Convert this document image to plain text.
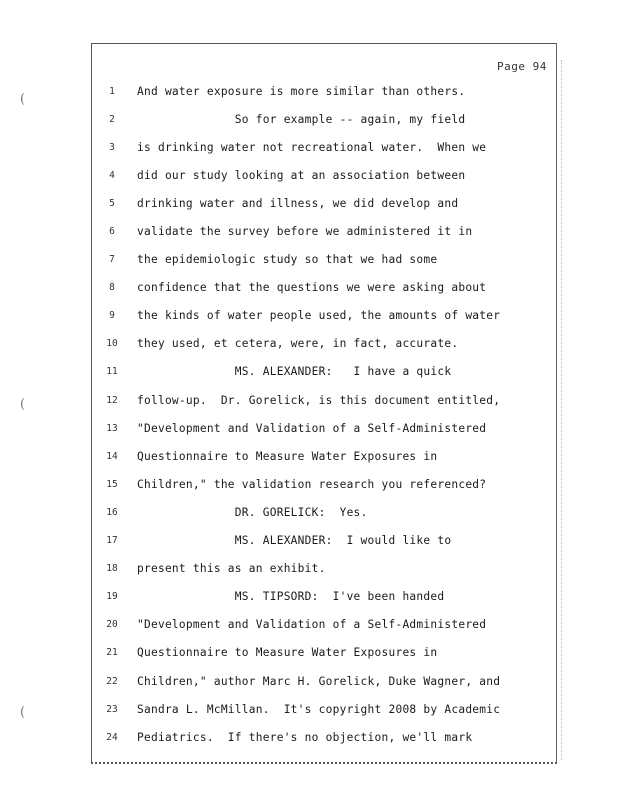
(
(
(
Page 94
1	And water exposure is more similar than others.
2	So for example -- again, my field
3	is drinking water not recreational water.  When we
4	did our study looking at an association between
5	drinking water and illness, we did develop and
6	validate the survey before we administered it in
7	the epidemiologic study so that we had some
8	confidence that the questions we were asking about
9	the kinds of water people used, the amounts of water
10	they used, et cetera, were, in fact, accurate.
11	MS. ALEXANDER:   I have a quick
12	follow-up.  Dr. Gorelick, is this document entitled,
13	"Development and Validation of a Self-Administered
14	Questionnaire to Measure Water Exposures in
15	Children," the validation research you referenced?
16	DR. GORELICK:  Yes.
17	MS. ALEXANDER:  I would like to
18	present this as an exhibit.
19	MS. TIPSORD:  I've been handed
20	"Development and Validation of a Self-Administered
21	Questionnaire to Measure Water Exposures in
22	Children," author Marc H. Gorelick, Duke Wagner, and
23	Sandra L. McMillan.  It's copyright 2008 by Academic
24	Pediatrics.  If there's no objection, we'll mark
